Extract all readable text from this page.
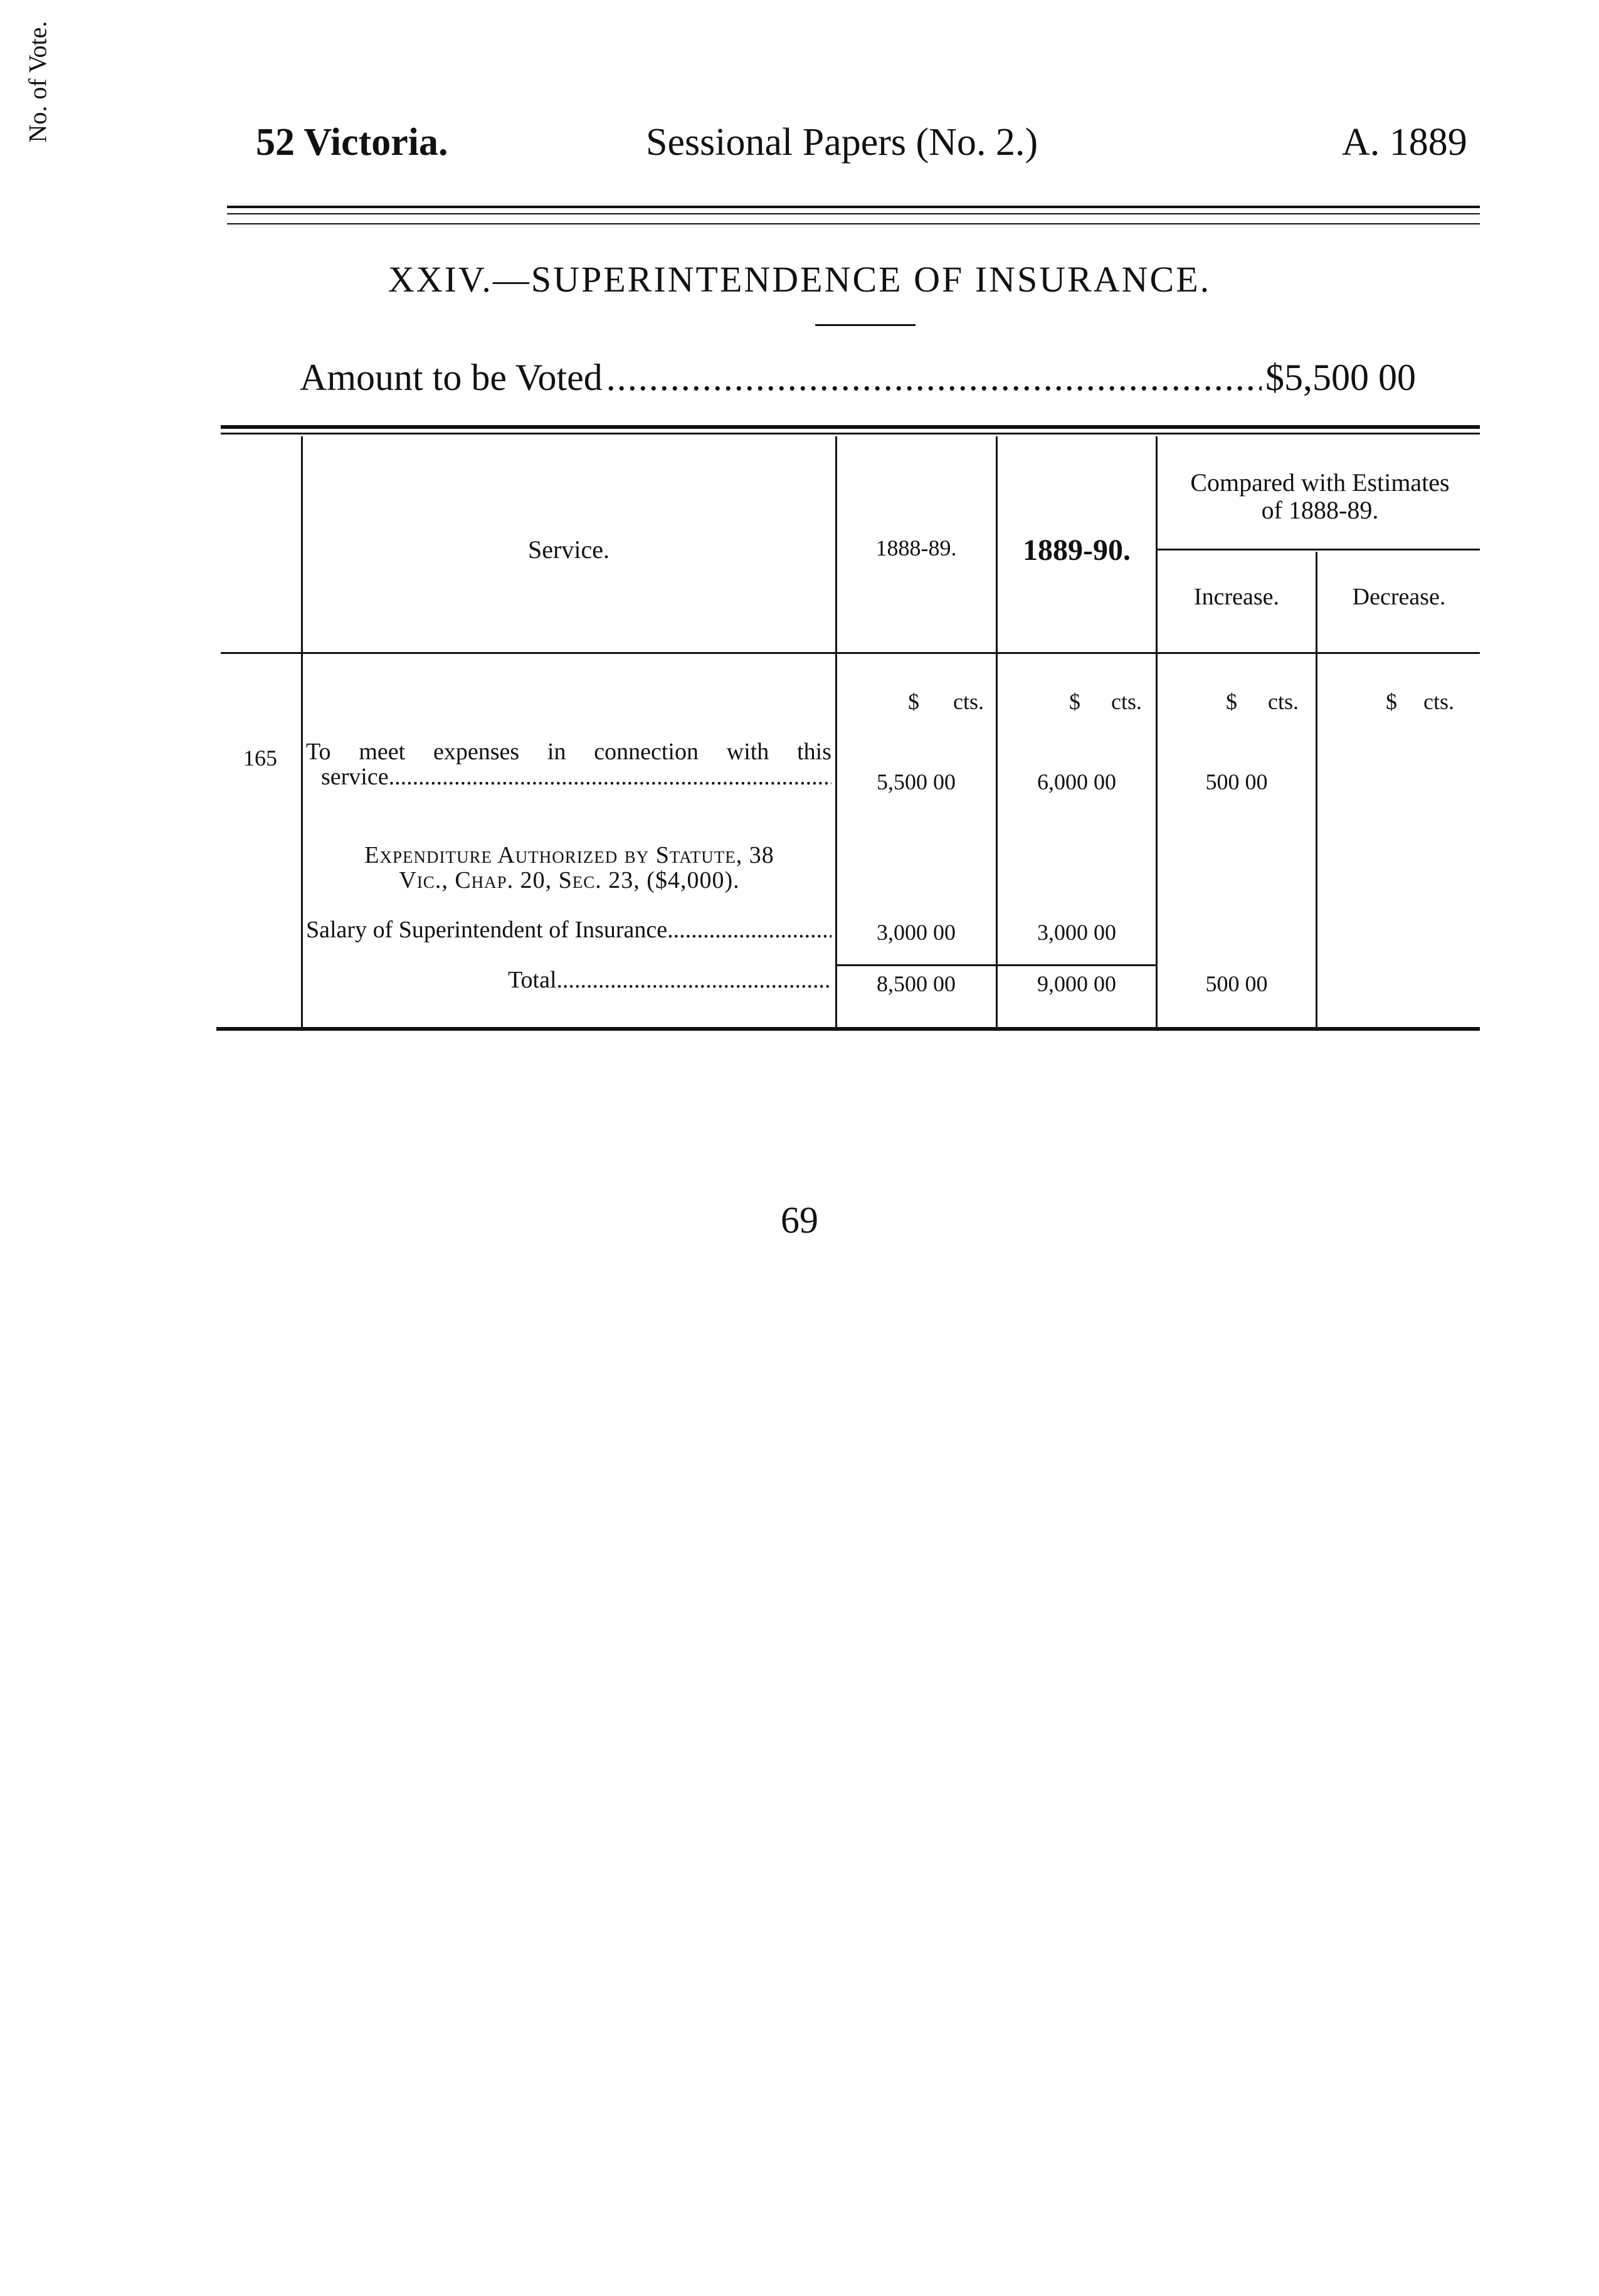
52 Victoria.	Sessional Papers (No. 2.)	A. 1889
XXIV.—SUPERINTENDENCE OF INSURANCE.
Amount to be Voted .....	$5,500 00
No. of Vote.
Service.	1888-89.	1889-90.
Compared with Estimates of 1888-89.
Increase.	Decrease.
$ cts.	$ cts.	$ cts.	$ cts.
165	To meet expenses in connection with this
service .....	5,500 00	6,000 00	500 00
Expenditure Authorized by Statute, 38
Vic., Chap. 20, Sec. 23, ($4,000).
Salary of Superintendent of Insurance .....	3,000 00	3,000 00
Total .....	8,500 00	9,000 00	500 00
69
